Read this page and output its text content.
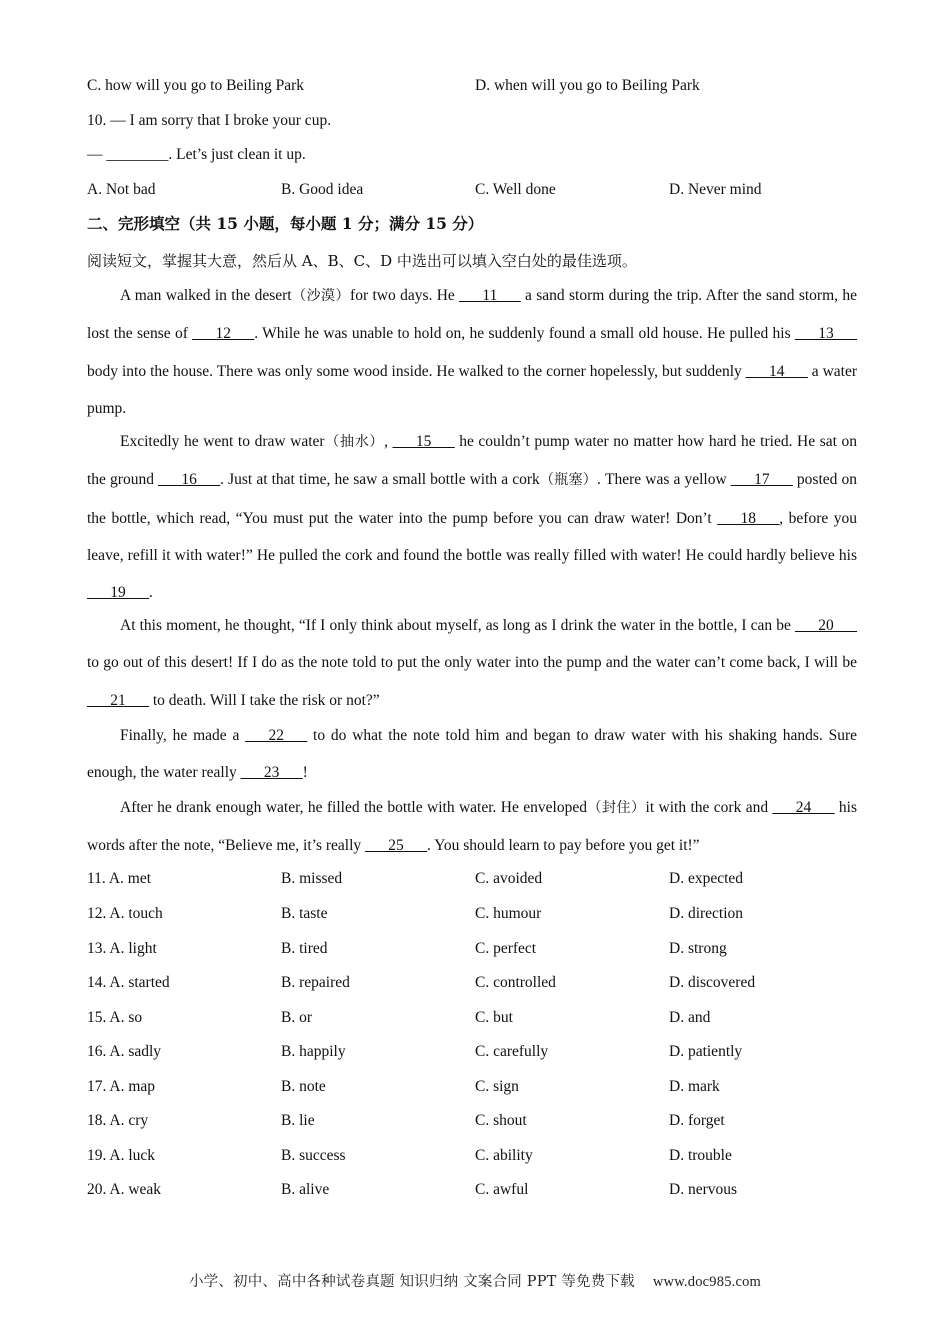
C. how will you go to Beiling Park	D. when will you go to Beiling Park
10. — I am sorry that I broke your cup.
— ________. Let’s just clean it up.
A. Not bad	B. Good idea	C. Well done	D. Never mind
二、完形填空（共 15 小题，每小题 1 分；满分 15 分）
阅读短文，掌握其大意，然后从 A、B、C、D 中选出可以填入空白处的最佳选项。
A man walked in the desert（沙漠）for two days. He ___11___ a sand storm during the trip. After the sand storm, he lost the sense of ___12___. While he was unable to hold on, he suddenly found a small old house. He pulled his ___13___ body into the house. There was only some wood inside. He walked to the corner hopelessly, but suddenly ___14___ a water pump.
Excitedly he went to draw water（抽水）, ___15___ he couldn’t pump water no matter how hard he tried. He sat on the ground ___16___. Just at that time, he saw a small bottle with a cork（瓶塞）. There was a yellow ___17___ posted on the bottle, which read, “You must put the water into the pump before you can draw water! Don’t ___18___, before you leave, refill it with water!” He pulled the cork and found the bottle was really filled with water! He could hardly believe his ___19___.
At this moment, he thought, “If I only think about myself, as long as I drink the water in the bottle, I can be ___20___ to go out of this desert! If I do as the note told to put the only water into the pump and the water can’t come back, I will be ___21___ to death. Will I take the risk or not?”
Finally, he made a ___22___ to do what the note told him and began to draw water with his shaking hands. Sure enough, the water really ___23___!
After he drank enough water, he filled the bottle with water. He enveloped（封住）it with the cork and ___24___ his words after the note, “Believe me, it’s really ___25___. You should learn to pay before you get it!”
11. A. met	B. missed	C. avoided	D. expected
12. A. touch	B. taste	C. humour	D. direction
13. A. light	B. tired	C. perfect	D. strong
14. A. started	B. repaired	C. controlled	D. discovered
15. A. so	B. or	C. but	D. and
16. A. sadly	B. happily	C. carefully	D. patiently
17. A. map	B. note	C. sign	D. mark
18. A. cry	B. lie	C. shout	D. forget
19. A. luck	B. success	C. ability	D. trouble
20. A. weak	B. alive	C. awful	D. nervous
小学、初中、高中各种试卷真题 知识归纳 文案合同 PPT 等免费下载 www.doc985.com
